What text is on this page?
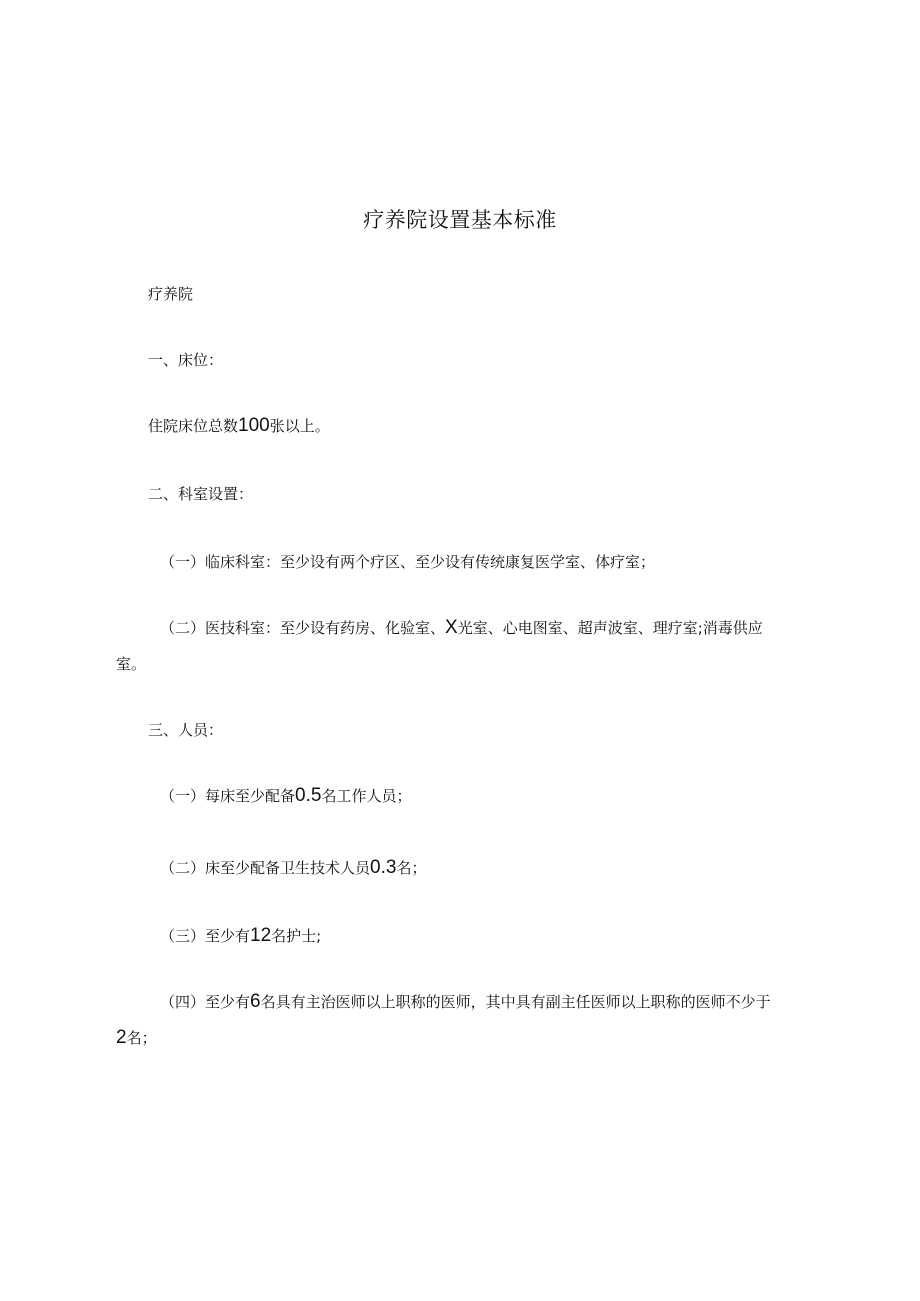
疗养院设置基本标准
疗养院
一、床位：
住院床位总数100张以上。
二、科室设置：
（一）临床科室：至少设有两个疗区、至少设有传统康复医学室、体疗室；
（二）医技科室：至少设有药房、化验室、X光室、心电图室、超声波室、理疗室;消毒供应
室。
三、人员：
（一）每床至少配备0.5名工作人员；
（二）床至少配备卫生技术人员0.3名；
（三）至少有12名护士;
（四）至少有6名具有主治医师以上职称的医师，其中具有副主任医师以上职称的医师不少于
2名；
